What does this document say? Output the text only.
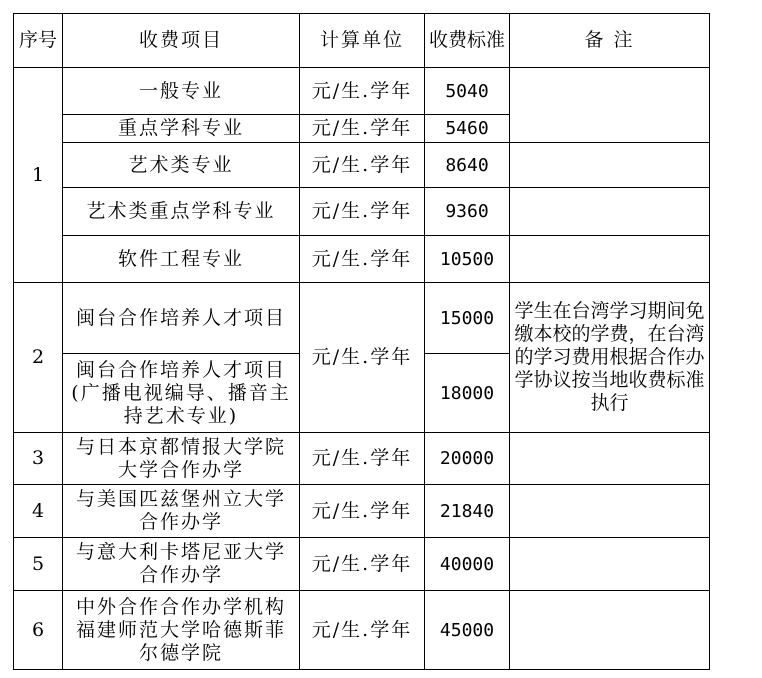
序号	收费项目	计算单位	收费标准	备 注
1	一般专业	元/生.学年	5040	
	重点学科专业	元/生.学年	5460	
	艺术类专业	元/生.学年	8640	
	艺术类重点学科专业	元/生.学年	9360	
	软件工程专业	元/生.学年	10500	
2	闽台合作培养人才项目	元/生.学年	15000	学生在台湾学习期间免缴本校的学费，在台湾的学习费用根据合作办学协议按当地收费标准执行
	闽台合作培养人才项目(广播电视编导、播音主持艺术专业)		18000	
3	与日本京都情报大学院大学合作办学	元/生.学年	20000	
4	与美国匹兹堡州立大学合作办学	元/生.学年	21840	
5	与意大利卡塔尼亚大学合作办学	元/生.学年	40000	
6	中外合作合作办学机构福建师范大学哈德斯菲尔德学院	元/生.学年	45000	
